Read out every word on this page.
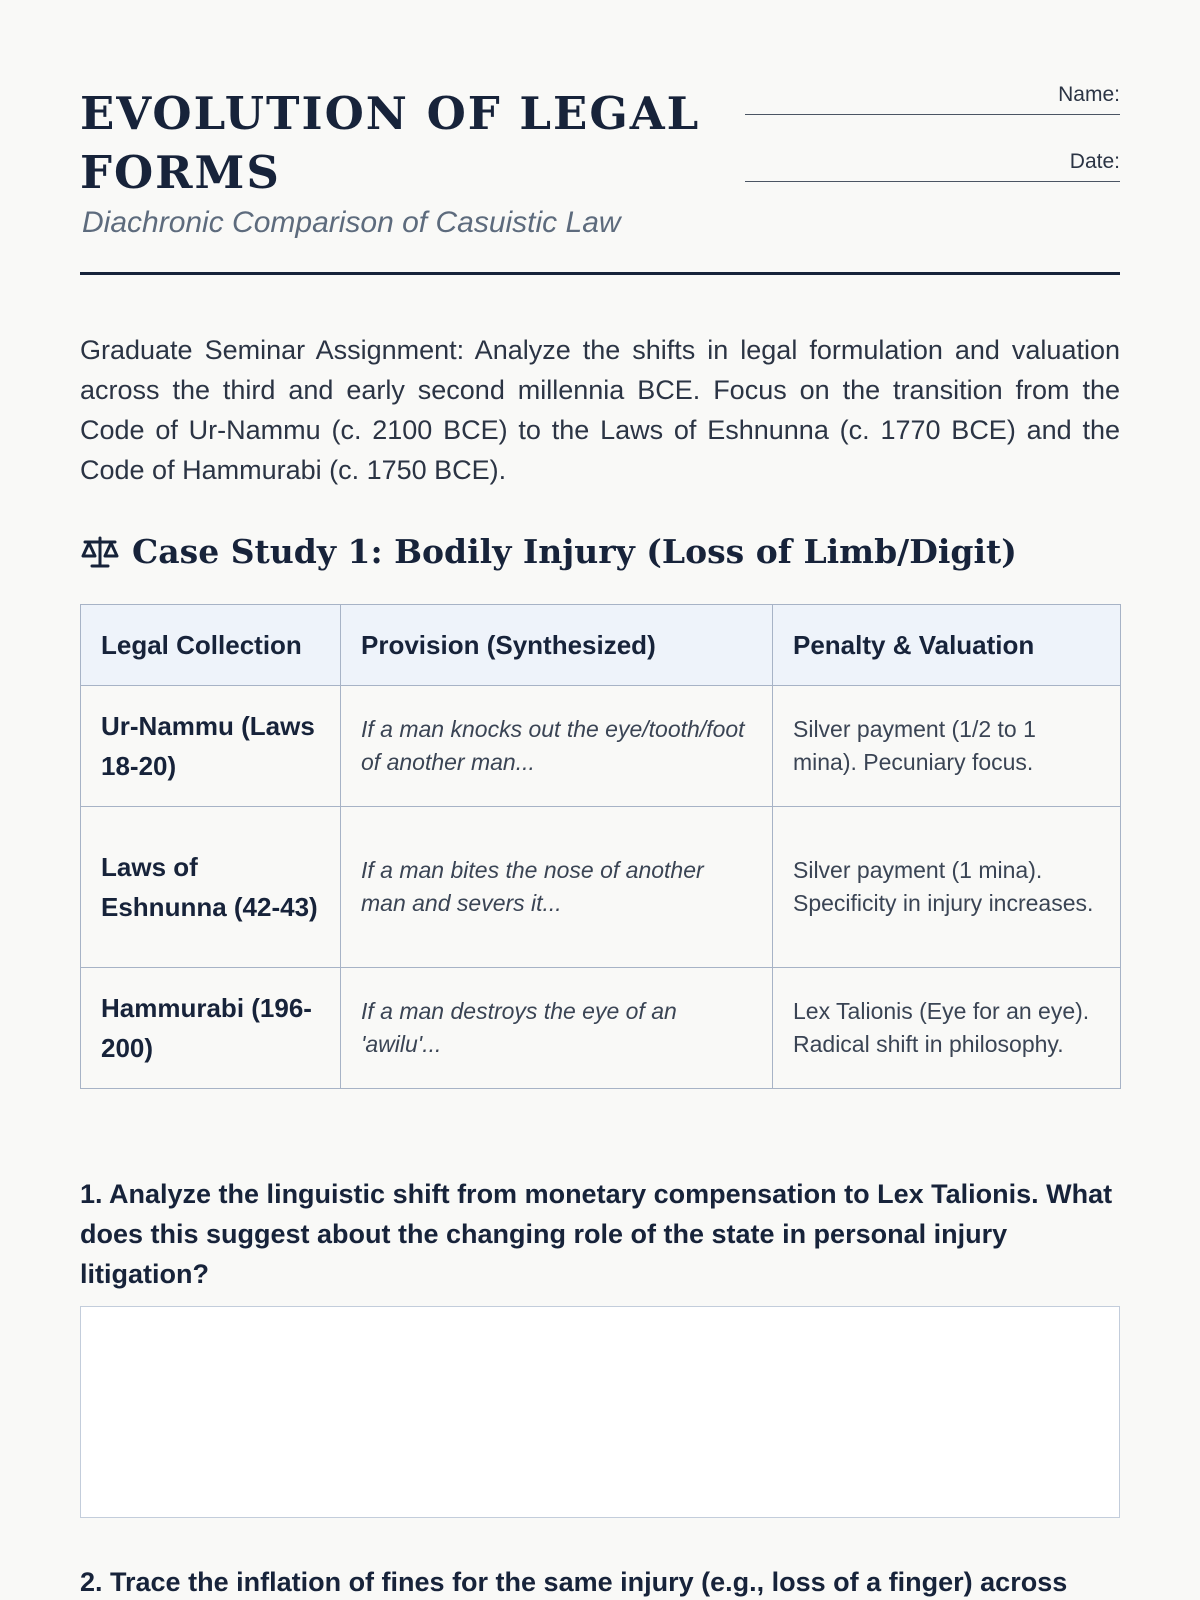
EVOLUTION OF LEGAL FORMS

Diachronic Comparison of Casuistic Law

Name:
Date:

Graduate Seminar Assignment: Analyze the shifts in legal formulation and valuation across the third and early second millennia BCE. Focus on the transition from the Code of Ur-Nammu (c. 2100 BCE) to the Laws of Eshnunna (c. 1770 BCE) and the Code of Hammurabi (c. 1750 BCE).

Case Study 1: Bodily Injury (Loss of Limb/Digit)
Legal Collection	Provision (Synthesized)	Penalty & Valuation
Ur-Nammu (Laws 18-20)	If a man knocks out the eye/tooth/foot of another man...	Silver payment (1/2 to 1 mina). Pecuniary focus.
Laws of Eshnunna (42-43)	If a man bites the nose of another man and severs it...	Silver payment (1 mina). Specificity in injury increases.
Hammurabi (196-200)	If a man destroys the eye of an 'awilu'...	Lex Talionis (Eye for an eye). Radical shift in philosophy.

1. Analyze the linguistic shift from monetary compensation to Lex Talionis. What does this suggest about the changing role of the state in personal injury litigation?

2. Trace the inflation of fines for the same injury (e.g., loss of a finger) across
